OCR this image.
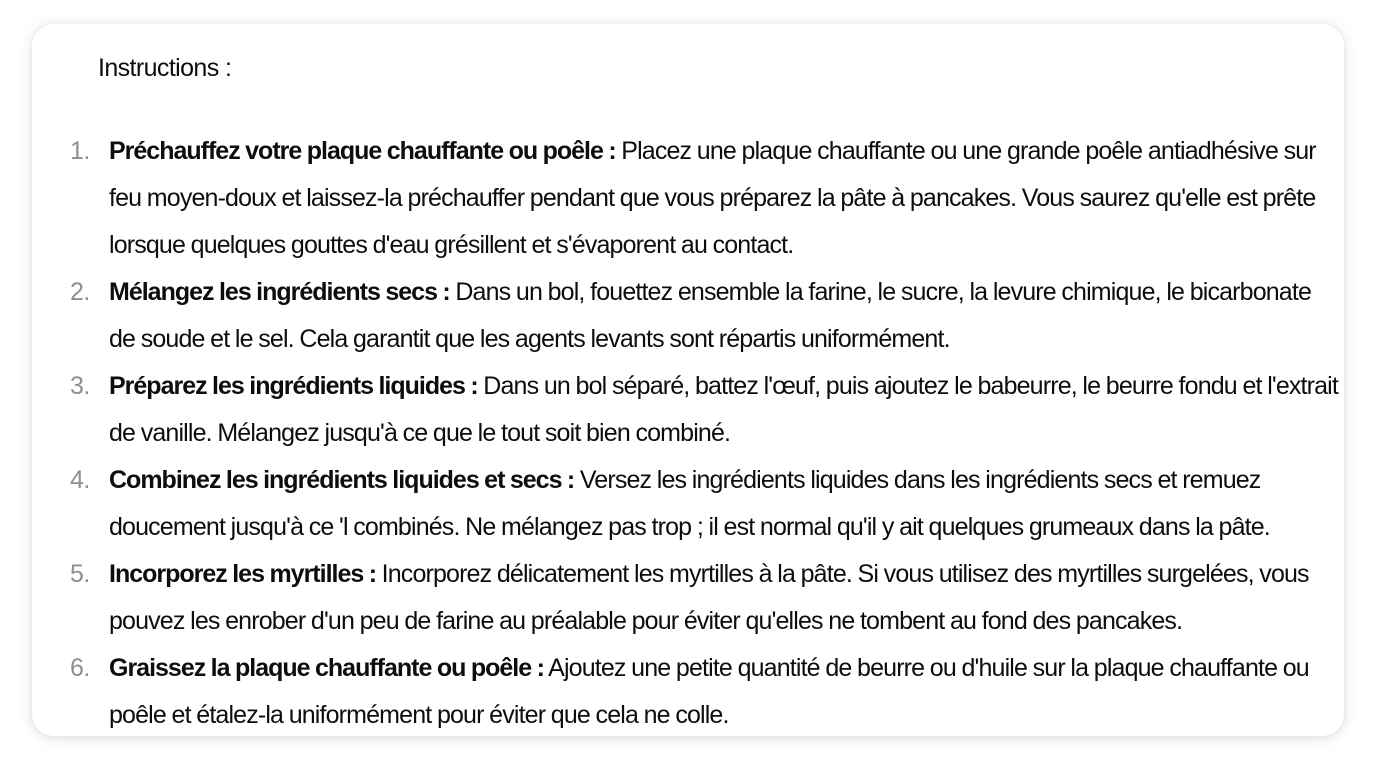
Instructions :
1. Préchauffez votre plaque chauffante ou poêle : Placez une plaque chauffante ou une grande poêle antiadhésive sur feu moyen-doux et laissez-la préchauffer pendant que vous préparez la pâte à pancakes. Vous saurez qu'elle est prête lorsque quelques gouttes d'eau grésillent et s'évaporent au contact.
2. Mélangez les ingrédients secs : Dans un bol, fouettez ensemble la farine, le sucre, la levure chimique, le bicarbonate de soude et le sel. Cela garantit que les agents levants sont répartis uniformément.
3. Préparez les ingrédients liquides : Dans un bol séparé, battez l'œuf, puis ajoutez le babeurre, le beurre fondu et l'extrait de vanille. Mélangez jusqu'à ce que le tout soit bien combiné.
4. Combinez les ingrédients liquides et secs : Versez les ingrédients liquides dans les ingrédients secs et remuez doucement jusqu'à ce 'l combinés. Ne mélangez pas trop ; il est normal qu'il y ait quelques grumeaux dans la pâte.
5. Incorporez les myrtilles : Incorporez délicatement les myrtilles à la pâte. Si vous utilisez des myrtilles surgelées, vous pouvez les enrober d'un peu de farine au préalable pour éviter qu'elles ne tombent au fond des pancakes.
6. Graissez la plaque chauffante ou poêle : Ajoutez une petite quantité de beurre ou d'huile sur la plaque chauffante ou poêle et étalez-la uniformément pour éviter que cela ne colle.
